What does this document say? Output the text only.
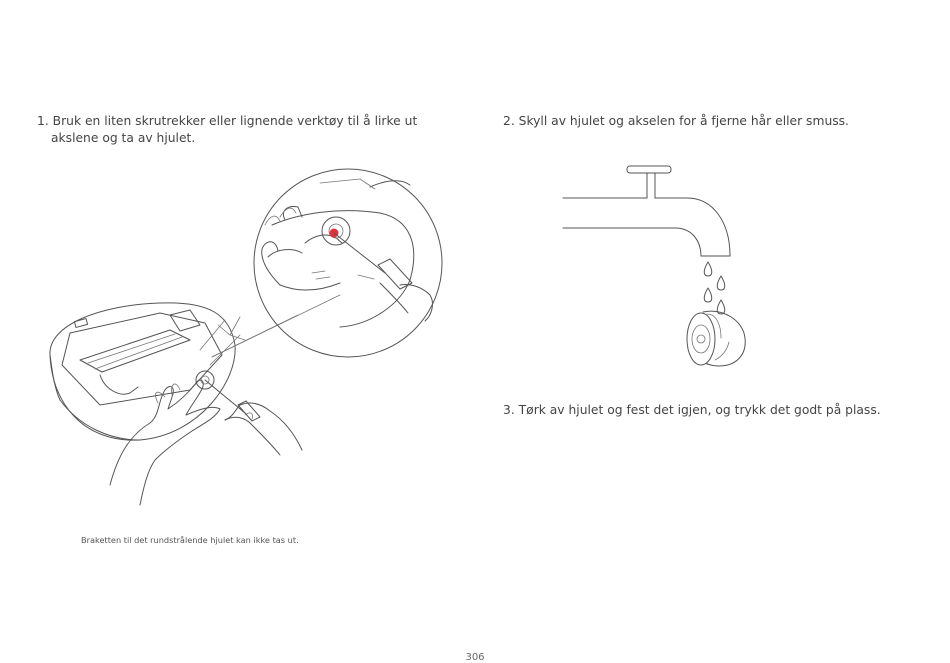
1. Bruk en liten skrutrekker eller lignende verktøy til å lirke ut

akslene og ta av hjulet.
2. Skyll av hjulet og akselen for å fjerne hår eller smuss.
3. Tørk av hjulet og fest det igjen, og trykk det godt på plass.
Braketten til det rundstrålende hjulet kan ikke tas ut.
306
